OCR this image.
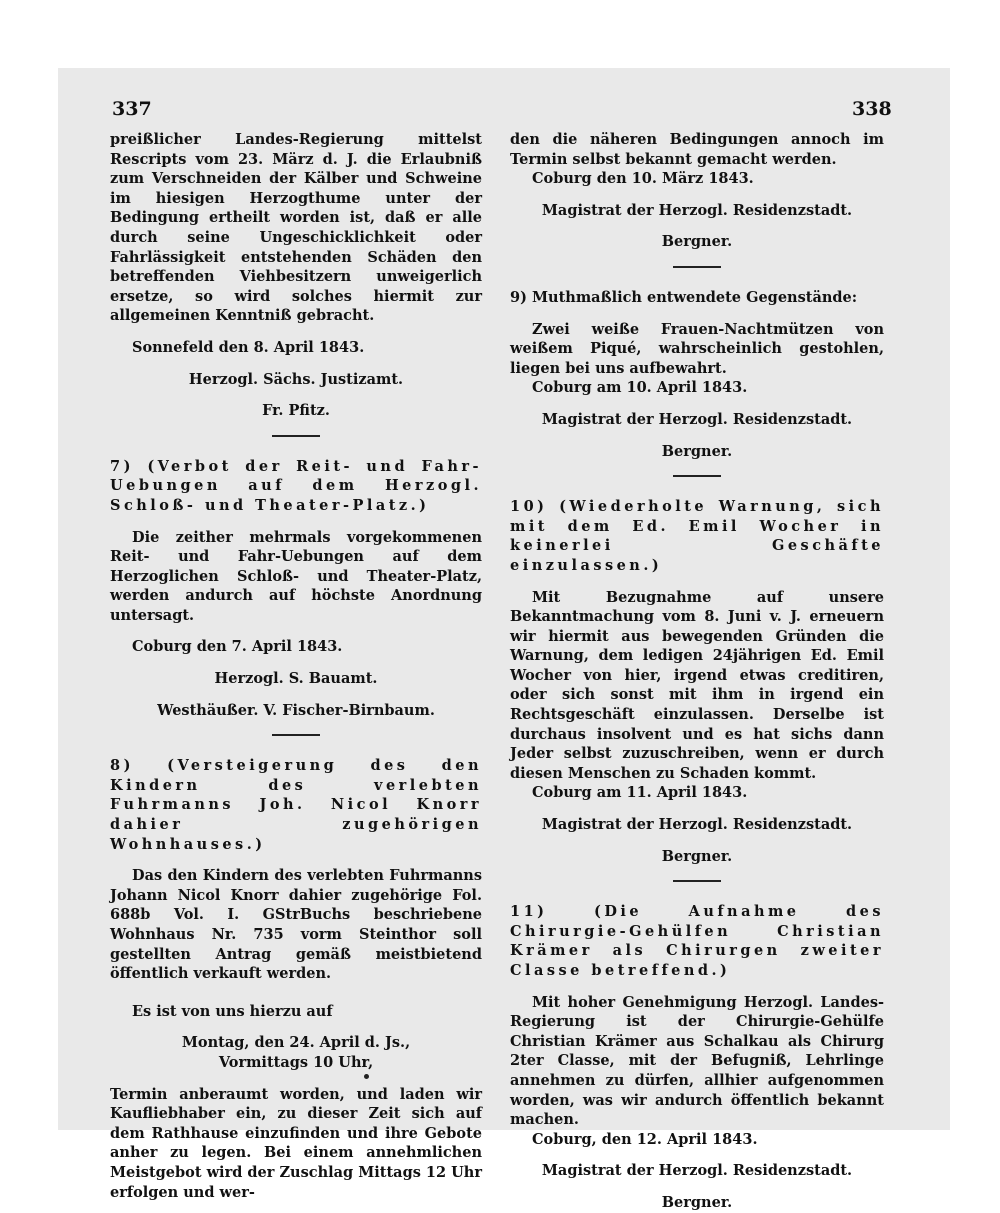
337	338

preißlicher Landes-Regierung mittelst Rescripts vom 23. März d. J. die Erlaubniß zum Verschneiden der Kälber und Schweine im hiesigen Herzogthume unter der Bedingung ertheilt worden ist, daß er alle durch seine Ungeschicklichkeit oder Fahrlässigkeit entstehenden Schäden den betreffenden Viehbesitzern unweigerlich ersetze, so wird solches hiermit zur allgemeinen Kenntniß gebracht.

Sonnefeld den 8. April 1843.

Herzogl. Sächs. Justizamt.

Fr. Pfitz.

7) (Verbot der Reit- und Fahr-Uebungen auf dem Herzogl. Schloß- und Theater-Platz.)

Die zeither mehrmals vorgekommenen Reit- und Fahr-Uebungen auf dem Herzoglichen Schloß- und Theater-Platz, werden andurch auf höchste Anordnung untersagt.

Coburg den 7. April 1843.

Herzogl. S. Bauamt.

Westhäußer. V. Fischer-Birnbaum.

8) (Versteigerung des den Kindern des verlebten Fuhrmanns Joh. Nicol Knorr dahier zugehörigen Wohnhauses.)

Das den Kindern des verlebten Fuhrmanns Johann Nicol Knorr dahier zugehörige Fol. 688b Vol. I. GStrBuchs beschriebene Wohnhaus Nr. 735 vorm Steinthor soll gestellten Antrag gemäß meistbietend öffentlich verkauft werden.

Es ist von uns hierzu auf

Montag, den 24. April d. Js.,

Vormittags 10 Uhr,

Termin anberaumt worden, und laden wir Kaufliebhaber ein, zu dieser Zeit sich auf dem Rathhause einzufinden und ihre Gebote anher zu legen. Bei einem annehmlichen Meistgebot wird der Zuschlag Mittags 12 Uhr erfolgen und wer-

den die näheren Bedingungen annoch im Termin selbst bekannt gemacht werden.

Coburg den 10. März 1843.

Magistrat der Herzogl. Residenzstadt.

Bergner.

9) Muthmaßlich entwendete Gegenstände:

Zwei weiße Frauen-Nachtmützen von weißem Piqué, wahrscheinlich gestohlen, liegen bei uns aufbewahrt.

Coburg am 10. April 1843.

Magistrat der Herzogl. Residenzstadt.

Bergner.

10) (Wiederholte Warnung, sich mit dem Ed. Emil Wocher in keinerlei Geschäfte einzulassen.)

Mit Bezugnahme auf unsere Bekanntmachung vom 8. Juni v. J. erneuern wir hiermit aus bewegenden Gründen die Warnung, dem ledigen 24jährigen Ed. Emil Wocher von hier, irgend etwas creditiren, oder sich sonst mit ihm in irgend ein Rechtsgeschäft einzulassen. Derselbe ist durchaus insolvent und es hat sichs dann Jeder selbst zuzuschreiben, wenn er durch diesen Menschen zu Schaden kommt.

Coburg am 11. April 1843.

Magistrat der Herzogl. Residenzstadt.

Bergner.

11) (Die Aufnahme des Chirurgie-Gehülfen Christian Krämer als Chirurgen zweiter Classe betreffend.)

Mit hoher Genehmigung Herzogl. Landes-Regierung ist der Chirurgie-Gehülfe Christian Krämer aus Schalkau als Chirurg 2ter Classe, mit der Befugniß, Lehrlinge annehmen zu dürfen, allhier aufgenommen worden, was wir andurch öffentlich bekannt machen.

Coburg, den 12. April 1843.

Magistrat der Herzogl. Residenzstadt.

Bergner.
